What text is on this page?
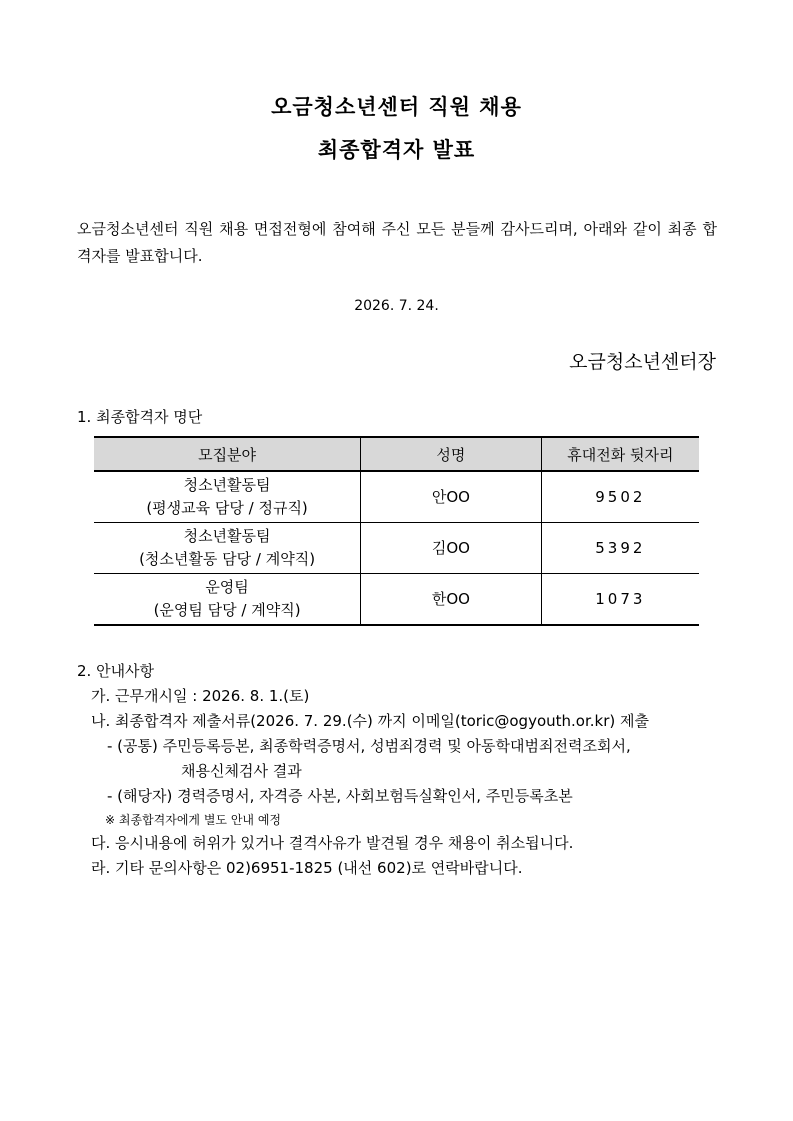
오금청소년센터 직원 채용
최종합격자 발표
오금청소년센터 직원 채용 면접전형에 참여해 주신 모든 분들께 감사드리며, 아래와 같이 최종 합격자를 발표합니다.
2026. 7. 24.
오금청소년센터장
1. 최종합격자 명단
모집분야	성명	휴대전화 뒷자리

청소년활동팀
(평생교육 담당 / 정규직)	안OO	9502

청소년활동팀
(청소년활동 담당 / 계약직)	김OO	5392

운영팀
(운영팀 담당 / 계약직)	한OO	1073
2. 안내사항
가. 근무개시일 : 2026. 8. 1.(토)
나. 최종합격자 제출서류(2026. 7. 29.(수) 까지 이메일(toric@ogyouth.or.kr) 제출
- (공통) 주민등록등본, 최종학력증명서, 성범죄경력 및 아동학대범죄전력조회서,
채용신체검사 결과
- (해당자) 경력증명서, 자격증 사본, 사회보험득실확인서, 주민등록초본
※ 최종합격자에게 별도 안내 예정
다. 응시내용에 허위가 있거나 결격사유가 발견될 경우 채용이 취소됩니다.
라. 기타 문의사항은 02)6951-1825 (내선 602)로 연락바랍니다.
